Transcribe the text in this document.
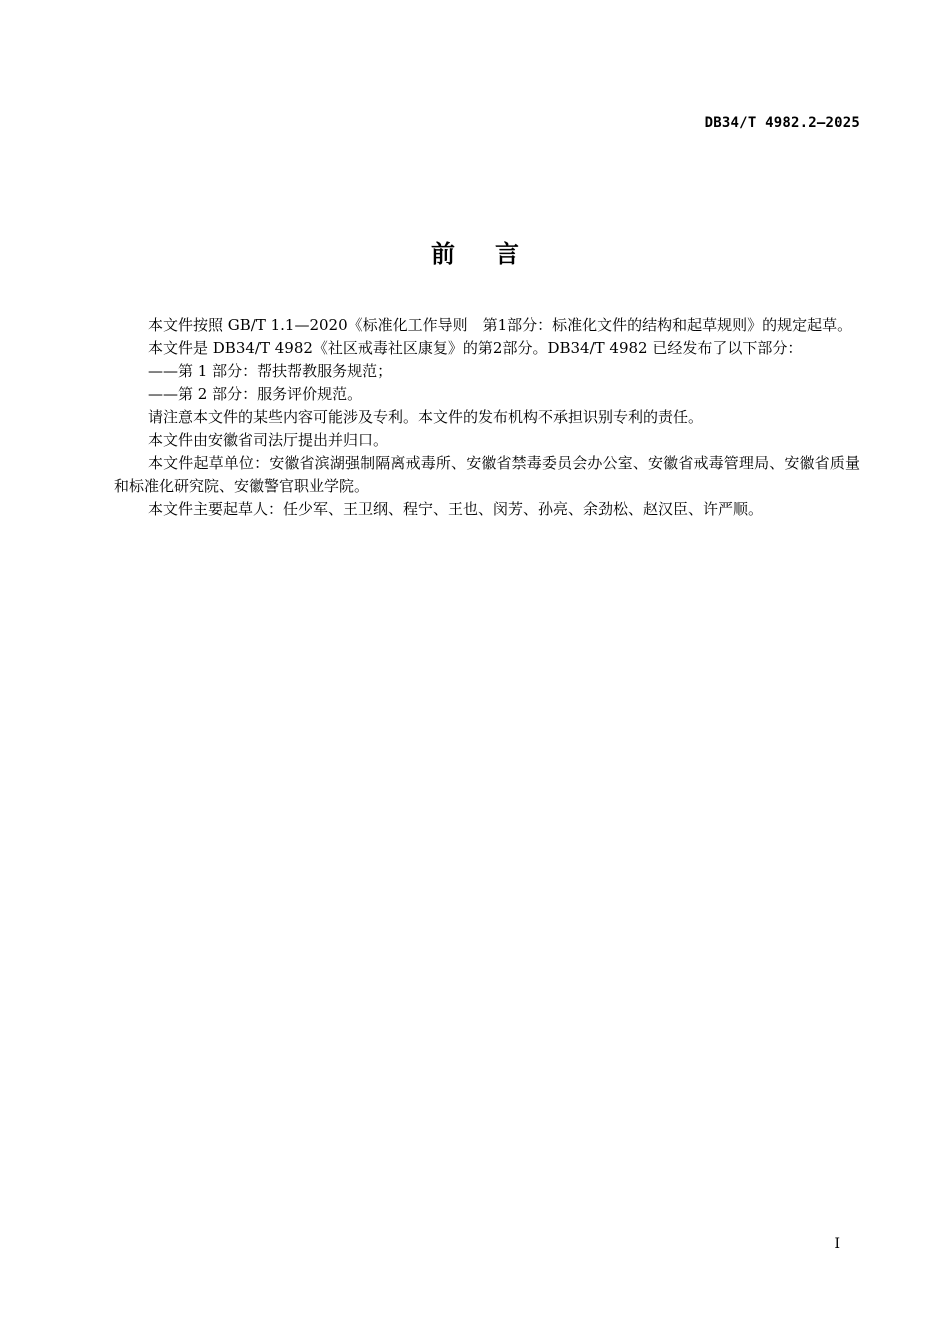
DB34/T 4982.2—2025
前言

本文件按照 GB/T 1.1—2020《标准化工作导则　第1部分：标准化文件的结构和起草规则》的规定起草。

本文件是 DB34/T 4982《社区戒毒社区康复》的第2部分。DB34/T 4982 已经发布了以下部分：

——第 1 部分：帮扶帮教服务规范；

——第 2 部分：服务评价规范。

请注意本文件的某些内容可能涉及专利。本文件的发布机构不承担识别专利的责任。

本文件由安徽省司法厅提出并归口。

本文件起草单位：安徽省滨湖强制隔离戒毒所、安徽省禁毒委员会办公室、安徽省戒毒管理局、安徽省质量和标准化研究院、安徽警官职业学院。

本文件主要起草人：任少军、王卫纲、程宁、王也、闵芳、孙亮、余劲松、赵汉臣、许严顺。

I
